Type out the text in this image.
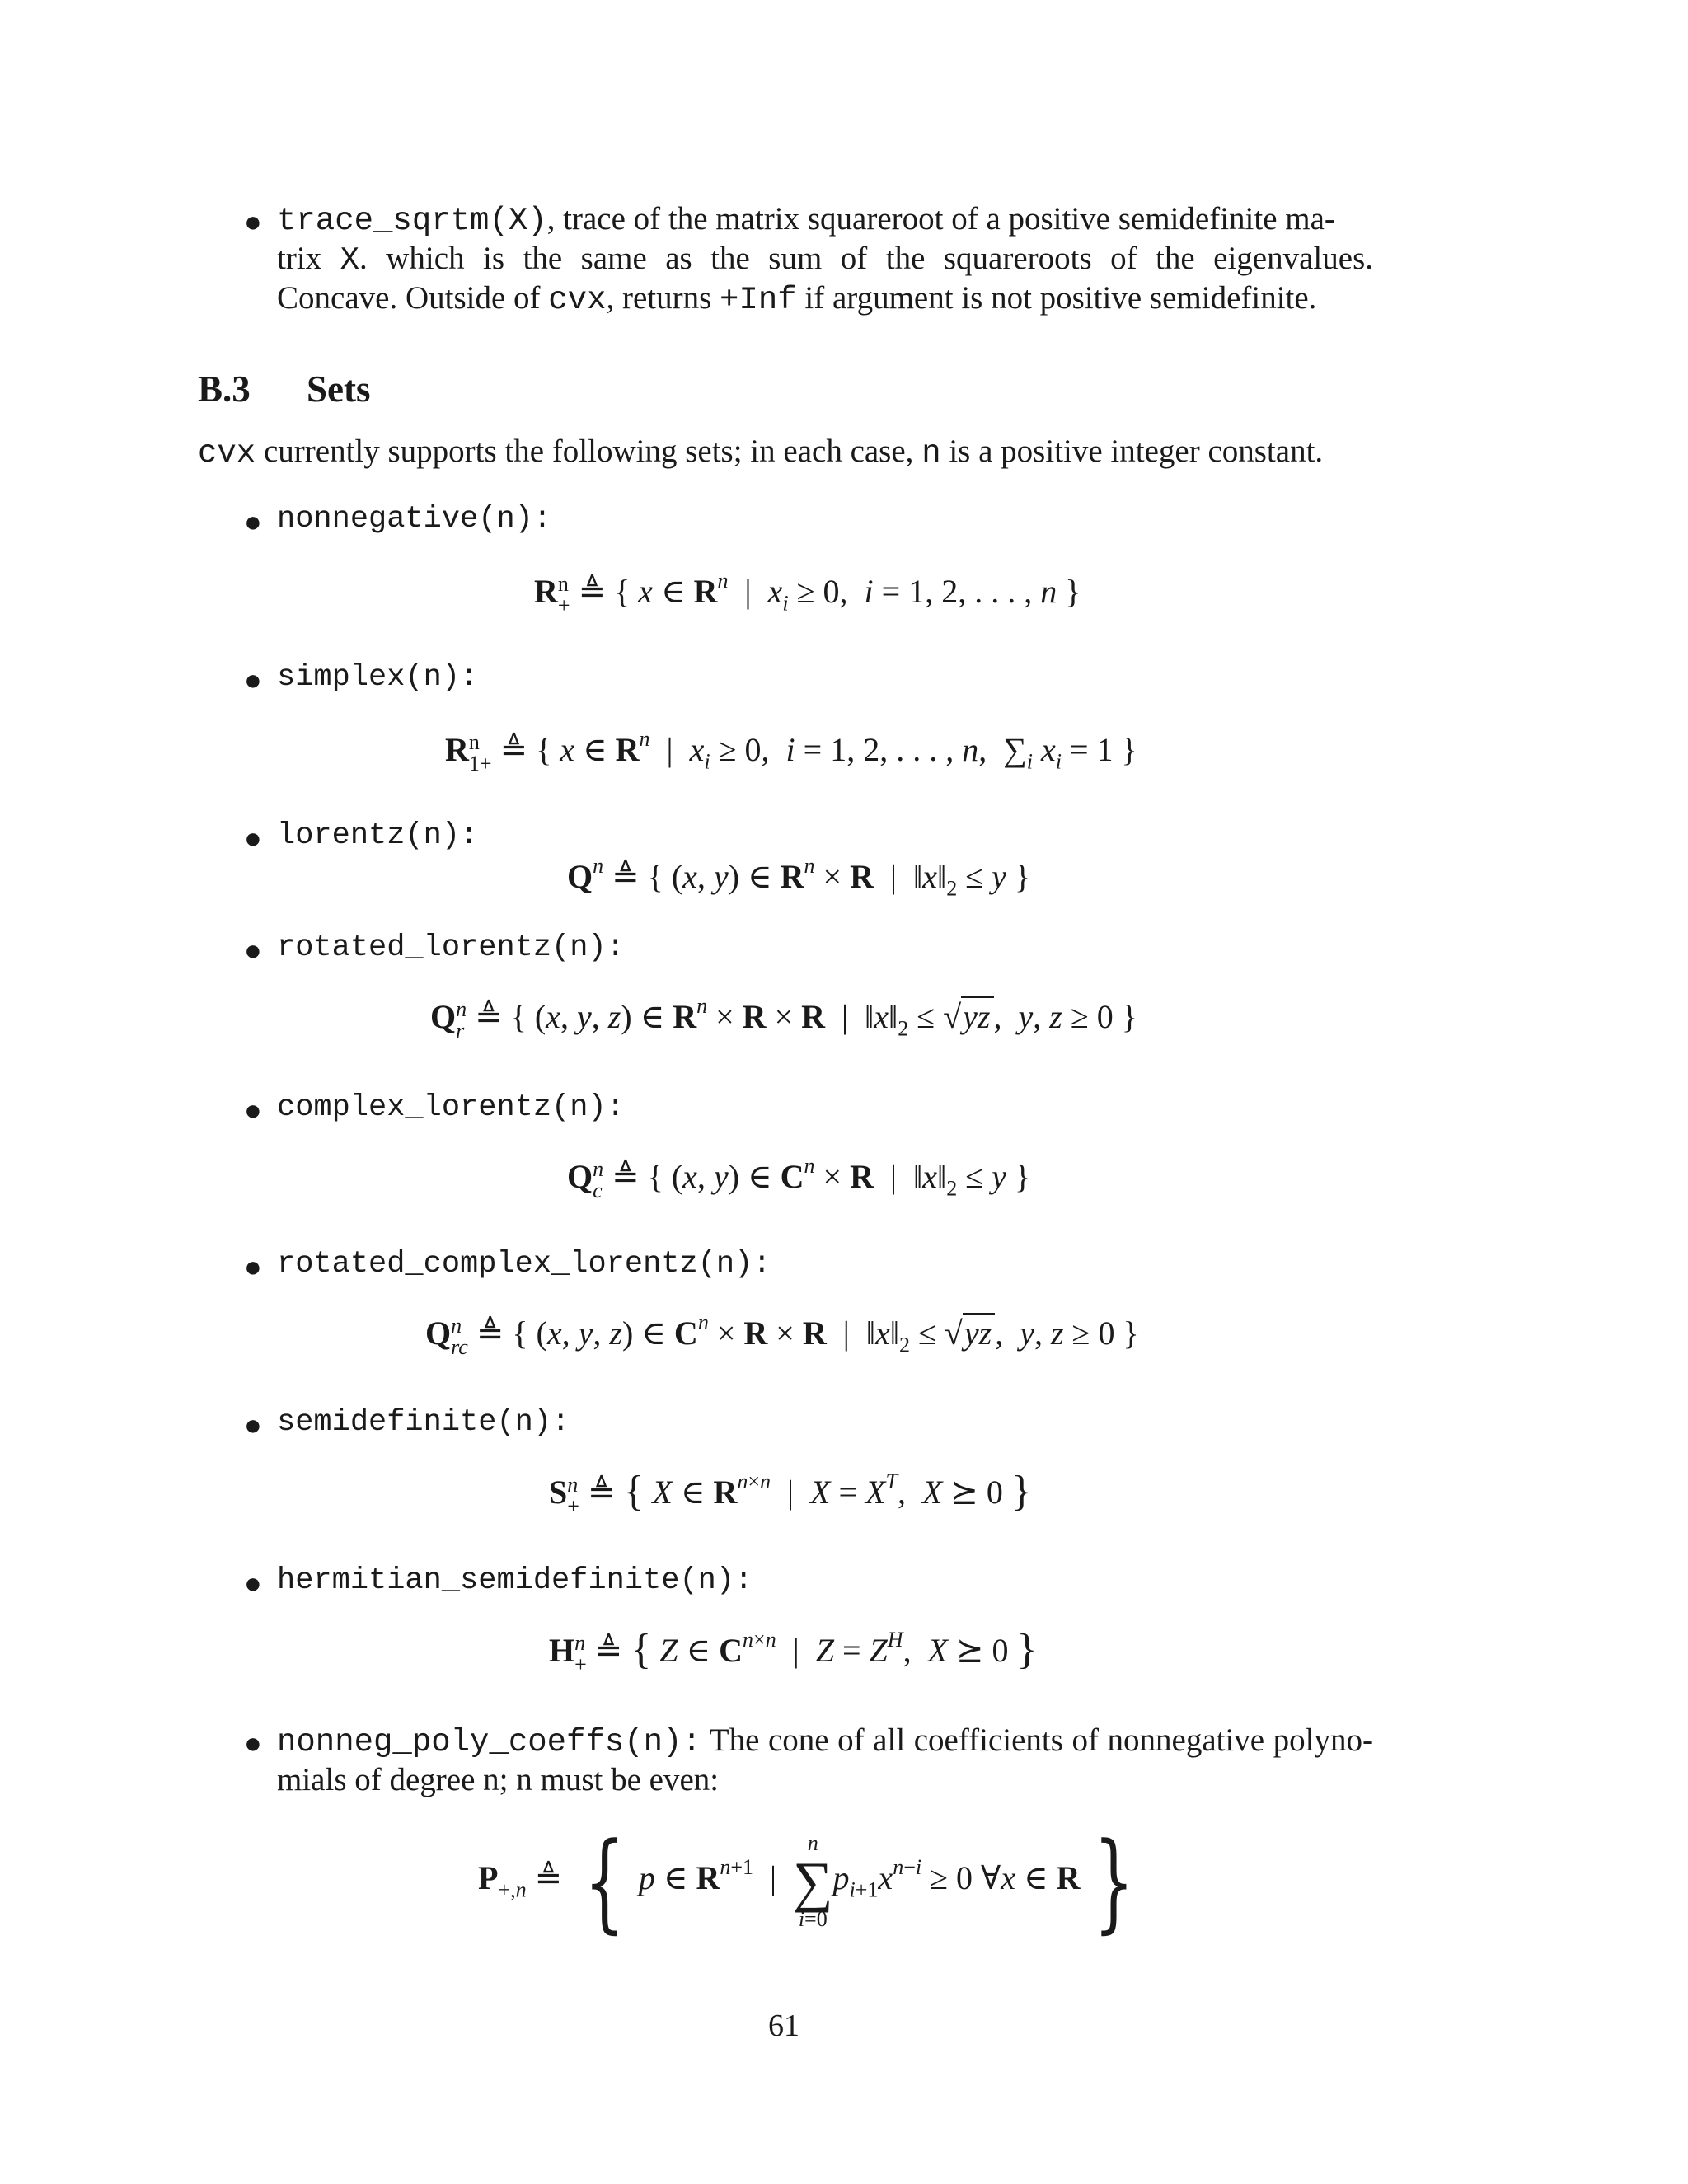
● trace_sqrtm(X), trace of the matrix squareroot of a positive semidefinite ma-
trix X. which is the same as the sum of the squareroots of the eigenvalues.
Concave. Outside of cvx, returns +Inf if argument is not positive semidefinite.
B.3 Sets
cvx currently supports the following sets; in each case, n is a positive integer constant.
● nonnegative(n):
R n
+ ≜ { x ∈ $R^n$  |  $x_i \ge 0$,  i = 1, 2, . . . , n }
● simplex(n):
R n
1+ ≜ { x ∈ $R^n$  |  $x_i \ge 0$,  i = 1, 2, . . . , n,  $\sum_i$ $x_i = 1$ }
● lorentz(n):
$Q^n$ ≜ { (x, y) ∈ $R^n \times R$  |  $‖x‖_2 \le y$ }
● rotated_lorentz(n):
Q n
r ≜ { (x, y, z) ∈ $R^n \times R \times R$  |  $‖x‖_2 \le √yz$ ,  y, z ≥ 0 }
● complex_lorentz(n):
Q n
c ≜ { (x, y) ∈ $C^n \times R$  |  $‖x‖_2 \le y$ }
● rotated_complex_lorentz(n):
Q n
rc ≜ { (x, y, z) ∈ $C^n \times R \times R$  |  $‖x‖_2 \le √yz$ ,  y, z ≥ 0 }
● semidefinite(n):
S n
+ ≜ { X ∈ $R^{n\times n}$  |  $X = X^T$,  X ⪰ 0 }
● hermitian_semidefinite(n):
H n
+ ≜ { Z ∈ $C^{n\times n}$  |  $Z = Z^H$,  X ⪰ 0 }
● nonneg_poly_coeffs(n): The cone of all coefficients of nonnegative polyno-
mials of degree n; n must be even:
$P_{+,n}$ ≜ { p ∈ $R^{n+1}$  |
n
∑
i=0
$p_{i+1}x^{n-i} \ge 0$ ∀x ∈ R }
61
